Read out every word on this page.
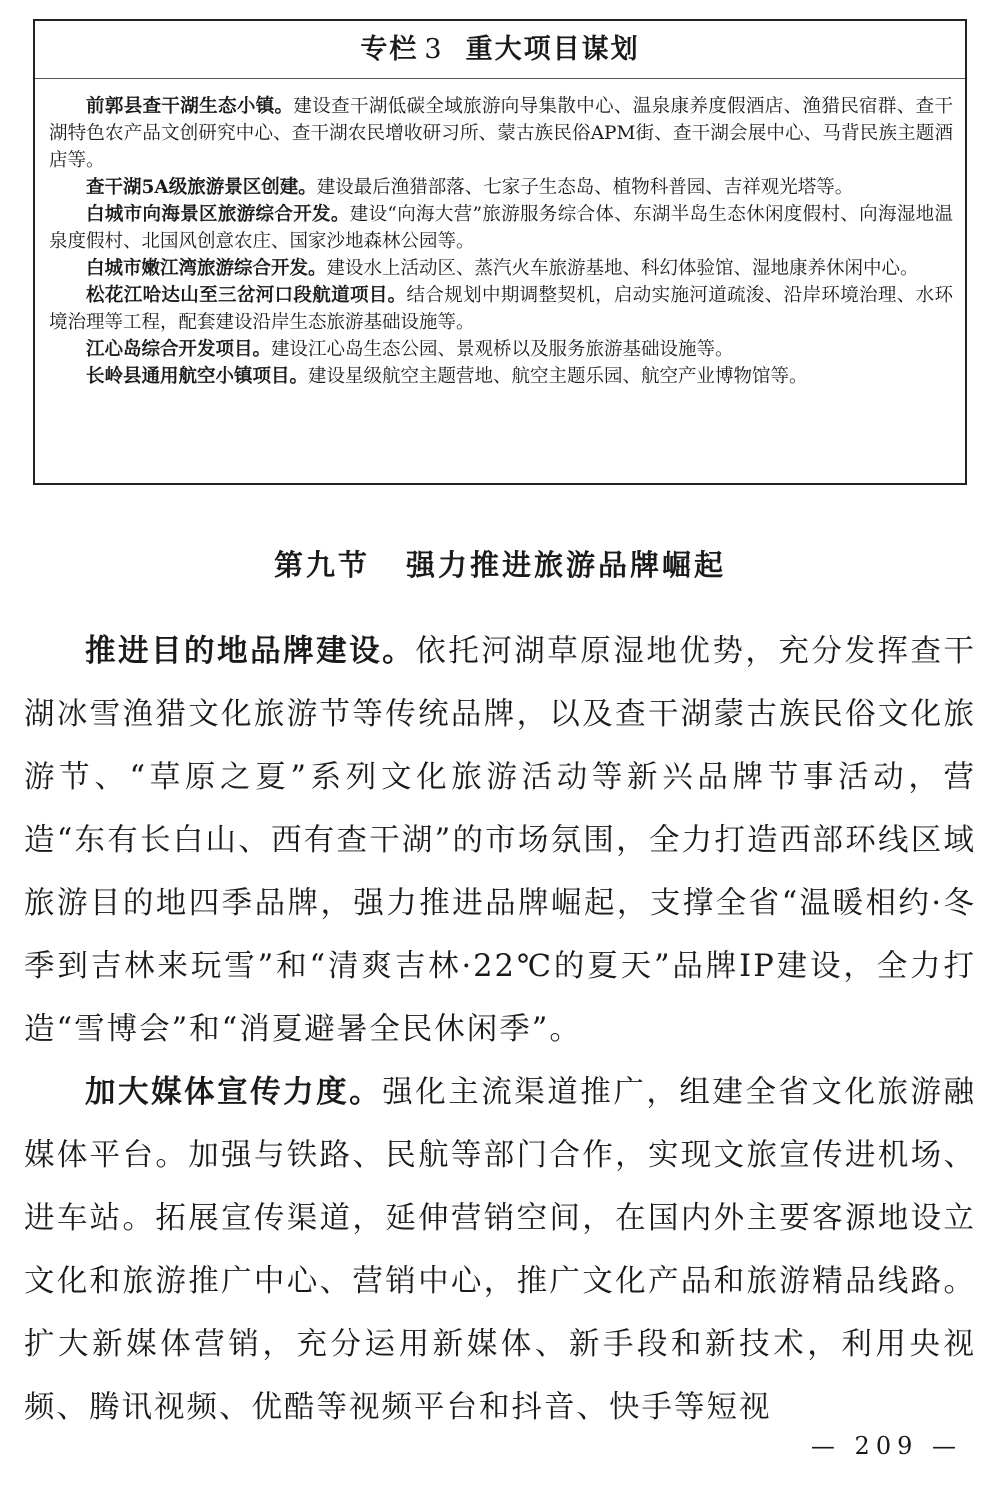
专栏 3 重大项目谋划

前郭县查干湖生态小镇。建设查干湖低碳全域旅游向导集散中心、温泉康养度假酒店、渔猎民宿群、查干湖特色农产品文创研究中心、查干湖农民增收研习所、蒙古族民俗APM街、查干湖会展中心、马背民族主题酒店等。

查干湖5A级旅游景区创建。建设最后渔猎部落、七家子生态岛、植物科普园、吉祥观光塔等。

白城市向海景区旅游综合开发。建设“向海大营”旅游服务综合体、东湖半岛生态休闲度假村、向海湿地温泉度假村、北国风创意农庄、国家沙地森林公园等。

白城市嫩江湾旅游综合开发。建设水上活动区、蒸汽火车旅游基地、科幻体验馆、湿地康养休闲中心。

松花江哈达山至三岔河口段航道项目。结合规划中期调整契机，启动实施河道疏浚、沿岸环境治理、水环境治理等工程，配套建设沿岸生态旅游基础设施等。

江心岛综合开发项目。建设江心岛生态公园、景观桥以及服务旅游基础设施等。

长岭县通用航空小镇项目。建设星级航空主题营地、航空主题乐园、航空产业博物馆等。

第九节 强力推进旅游品牌崛起

推进目的地品牌建设。依托河湖草原湿地优势，充分发挥查干湖冰雪渔猎文化旅游节等传统品牌，以及查干湖蒙古族民俗文化旅游节、“草原之夏”系列文化旅游活动等新兴品牌节事活动，营造“东有长白山、西有查干湖”的市场氛围，全力打造西部环线区域旅游目的地四季品牌，强力推进品牌崛起，支撑全省“温暖相约·冬季到吉林来玩雪”和“清爽吉林·22℃的夏天”品牌IP建设，全力打造“雪博会”和“消夏避暑全民休闲季”。

加大媒体宣传力度。强化主流渠道推广，组建全省文化旅游融媒体平台。加强与铁路、民航等部门合作，实现文旅宣传进机场、进车站。拓展宣传渠道，延伸营销空间，在国内外主要客源地设立文化和旅游推广中心、营销中心，推广文化产品和旅游精品线路。扩大新媒体营销，充分运用新媒体、新手段和新技术，利用央视频、腾讯视频、优酷等视频平台和抖音、快手等短视

— 209 —
